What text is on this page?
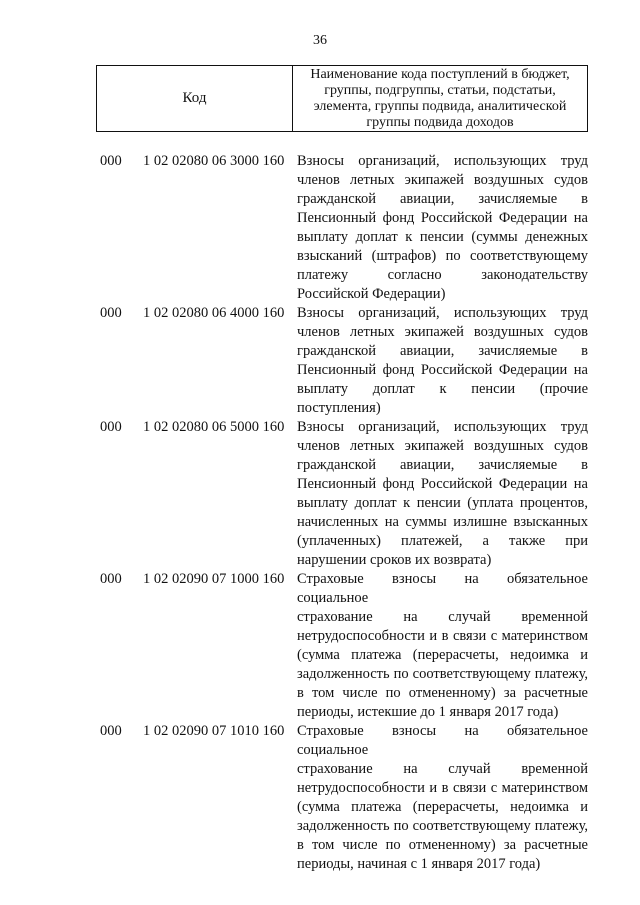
36
Код
Наименование кода поступлений в бюджет, группы, подгруппы, статьи, подстатьи, элемента, группы подвида, аналитической группы подвида доходов
000 1 02 02080 06 3000 160 Взносы организаций, использующих труд
членов летных экипажей воздушных судов
гражданской авиации, зачисляемые в
Пенсионный фонд Российской Федерации на
выплату доплат к пенсии (суммы денежных
взысканий (штрафов) по соответствующему
платежу согласно законодательству
Российской Федерации)
000 1 02 02080 06 4000 160 Взносы организаций, использующих труд
членов летных экипажей воздушных судов
гражданской авиации, зачисляемые в
Пенсионный фонд Российской Федерации на
выплату доплат к пенсии (прочие
поступления)
000 1 02 02080 06 5000 160 Взносы организаций, использующих труд
членов летных экипажей воздушных судов
гражданской авиации, зачисляемые в
Пенсионный фонд Российской Федерации на
выплату доплат к пенсии (уплата процентов,
начисленных на суммы излишне взысканных
(уплаченных) платежей, а также при
нарушении сроков их возврата)
000 1 02 02090 07 1000 160 Страховые взносы на обязательное социальное
страхование на случай временной
нетрудоспособности и в связи с материнством
(сумма платежа (перерасчеты, недоимка и
задолженность по соответствующему платежу,
в том числе по отмененному) за расчетные
периоды, истекшие до 1 января 2017 года)
000 1 02 02090 07 1010 160 Страховые взносы на обязательное социальное
страхование на случай временной
нетрудоспособности и в связи с материнством
(сумма платежа (перерасчеты, недоимка и
задолженность по соответствующему платежу,
в том числе по отмененному) за расчетные
периоды, начиная с 1 января 2017 года)
